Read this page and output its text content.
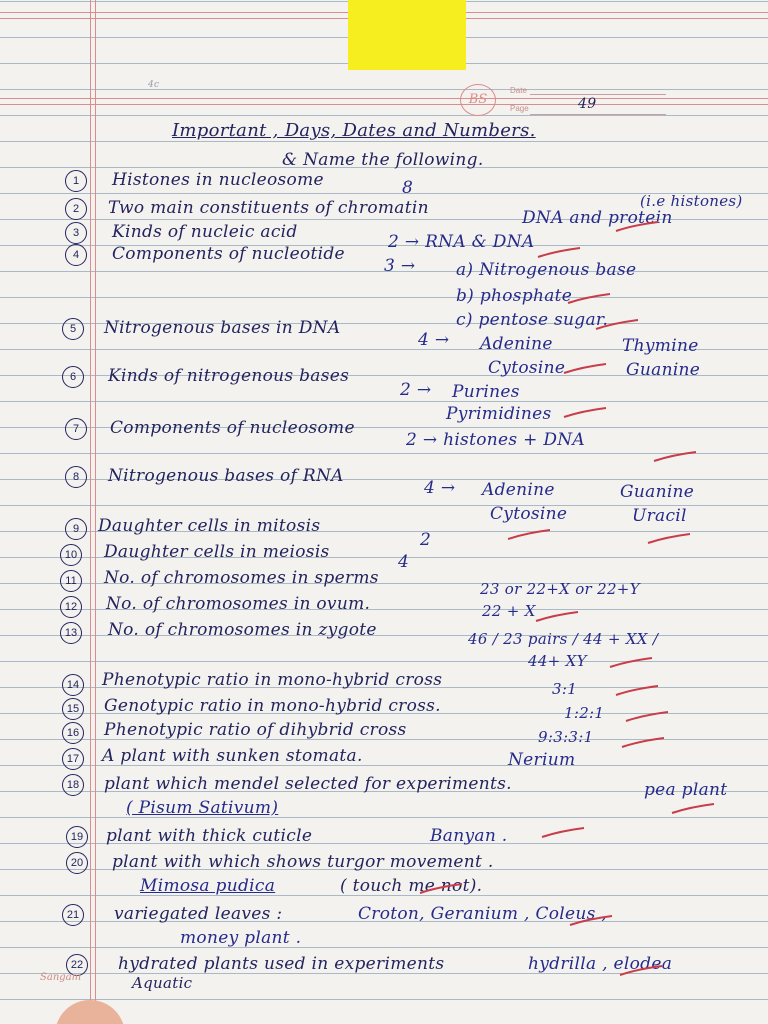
BS
Date
Page	49
4c
Important , Days, Dates and Numbers.
& Name the following.
(i.e histones)
1	Histones in nucleosome	8
2	Two main constituents of chromatin	DNA and protein
3	Kinds of nucleic acid	2 → RNA & DNA
4	Components of nucleotide
3 → a) Nitrogenous base
b) phosphate
c) pentose sugar.
5	Nitrogenous bases in DNA
4 → Adenine
Cytosine
Thymine
Guanine
6	Kinds of nitrogenous bases
2 → Purines
Pyrimidines
7	Components of nucleosome
2 → histones + DNA
8	Nitrogenous bases of RNA
4 → Adenine
Cytosine
Guanine
Uracil
9	Daughter cells in mitosis
2
10 Daughter cells in meiosis	4
11	No. of chromosomes in sperms
23 or 22+X or 22+Y
12 No. of chromosomes in ovum.	22 + X
13 No. of chromosomes in zygote	46 / 23 pairs / 44 + XX /
44+ XY
14 Phenotypic ratio in mono-hybrid cross	3:1
15 Genotypic ratio in mono-hybrid cross.	1:2:1
16 Phenotypic ratio of dihybrid cross	9:3:3:1
17 A plant with sunken stomata.	Nerium
18 plant which mendel selected for experiments.	pea plant
( Pisum Sativum)
19 plant with thick cuticle	Banyan .
20 plant with which shows turgor movement .
Mimosa pudica	( touch me not).
21 variegated leaves :	Croton, Geranium , Coleus ,
money plant .
22 hydrated plants used in experiments	hydrilla , elodea
Aquatic
Sangam
